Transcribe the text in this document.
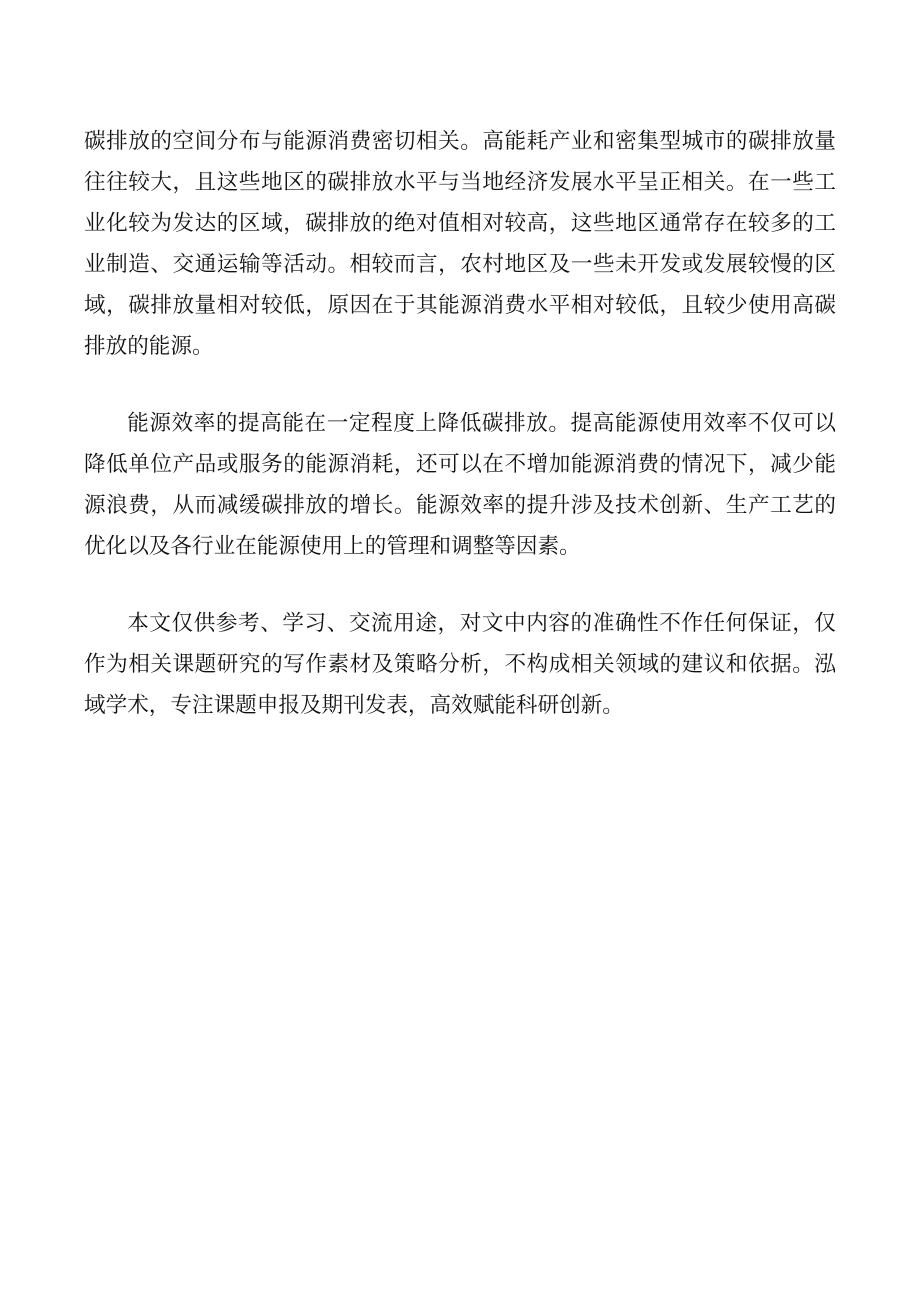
碳排放的空间分布与能源消费密切相关。高能耗产业和密集型城市的碳排放量往往较大，且这些地区的碳排放水平与当地经济发展水平呈正相关。在一些工业化较为发达的区域，碳排放的绝对值相对较高，这些地区通常存在较多的工业制造、交通运输等活动。相较而言，农村地区及一些未开发或发展较慢的区域，碳排放量相对较低，原因在于其能源消费水平相对较低，且较少使用高碳排放的能源。

能源效率的提高能在一定程度上降低碳排放。提高能源使用效率不仅可以降低单位产品或服务的能源消耗，还可以在不增加能源消费的情况下，减少能源浪费，从而减缓碳排放的增长。能源效率的提升涉及技术创新、生产工艺的优化以及各行业在能源使用上的管理和调整等因素。

本文仅供参考、学习、交流用途，对文中内容的准确性不作任何保证，仅作为相关课题研究的写作素材及策略分析，不构成相关领域的建议和依据。泓域学术，专注课题申报及期刊发表，高效赋能科研创新。
